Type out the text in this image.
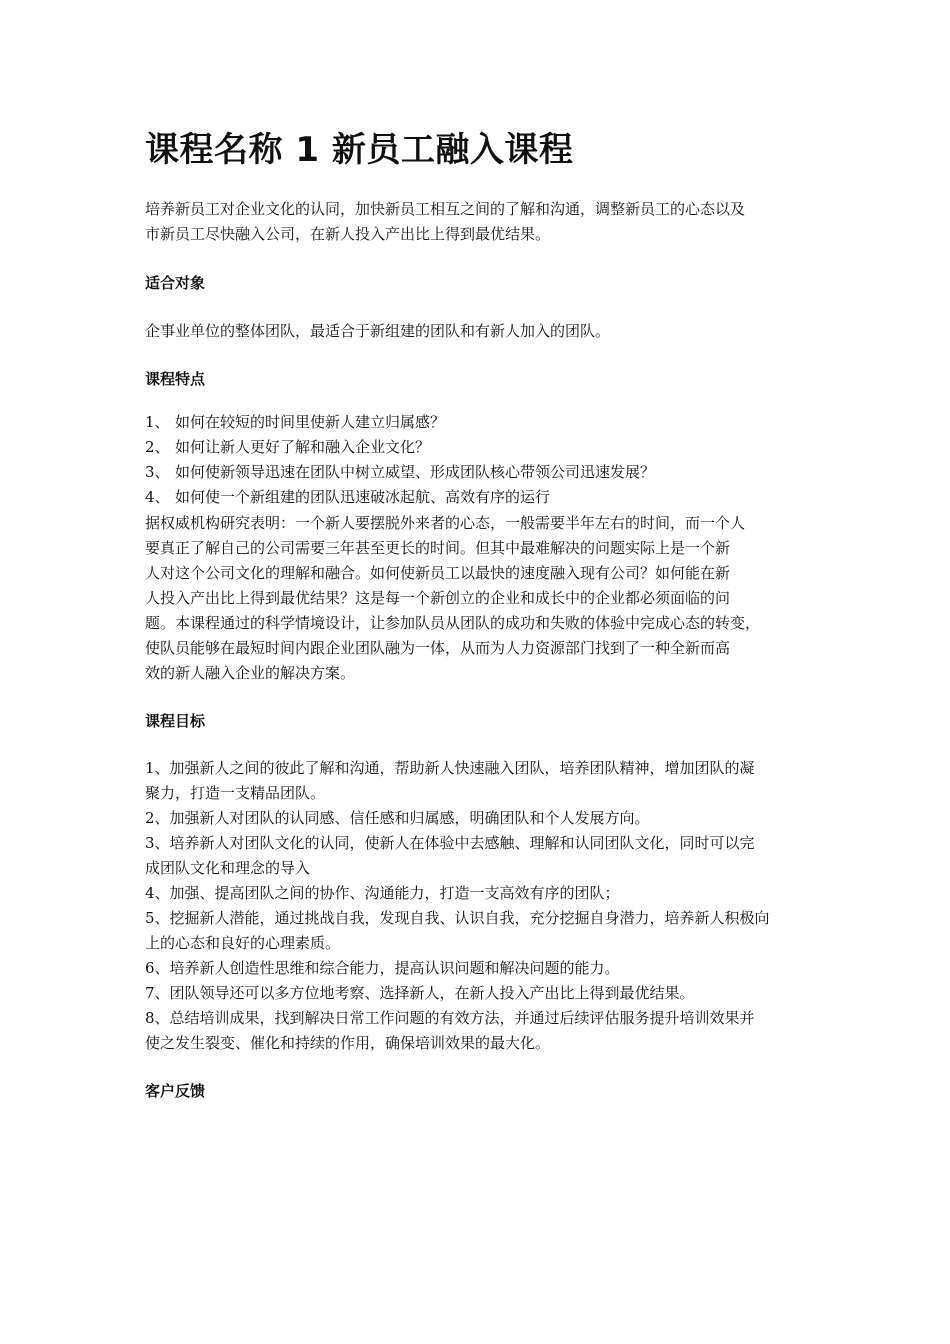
课程名称 1 新员工融入课程

培养新员工对企业文化的认同，加快新员工相互之间的了解和沟通，调整新员工的心态以及
市新员工尽快融入公司，在新人投入产出比上得到最优结果。

适合对象

企事业单位的整体团队，最适合于新组建的团队和有新人加入的团队。

课程特点
1、 如何在较短的时间里使新人建立归属感？
2、 如何让新人更好了解和融入企业文化？
3、 如何使新领导迅速在团队中树立威望、形成团队核心带领公司迅速发展？
4、 如何使一个新组建的团队迅速破冰起航、高效有序的运行

据权威机构研究表明：一个新人要摆脱外来者的心态，一般需要半年左右的时间，而一个人
要真正了解自己的公司需要三年甚至更长的时间。但其中最难解决的问题实际上是一个新
人对这个公司文化的理解和融合。如何使新员工以最快的速度融入现有公司？如何能在新
人投入产出比上得到最优结果？这是每一个新创立的企业和成长中的企业都必须面临的问
题。本课程通过的科学情境设计，让参加队员从团队的成功和失败的体验中完成心态的转变，
使队员能够在最短时间内跟企业团队融为一体，从而为人力资源部门找到了一种全新而高
效的新人融入企业的解决方案。

课程目标
1、加强新人之间的彼此了解和沟通，帮助新人快速融入团队，培养团队精神，增加团队的凝
聚力，打造一支精品团队。
2、加强新人对团队的认同感、信任感和归属感，明确团队和个人发展方向。
3、培养新人对团队文化的认同，使新人在体验中去感触、理解和认同团队文化，同时可以完
成团队文化和理念的导入
4、加强、提高团队之间的协作、沟通能力，打造一支高效有序的团队；
5、挖掘新人潜能，通过挑战自我，发现自我、认识自我，充分挖掘自身潜力，培养新人积极向
上的心态和良好的心理素质。
6、培养新人创造性思维和综合能力，提高认识问题和解决问题的能力。
7、团队领导还可以多方位地考察、选择新人，在新人投入产出比上得到最优结果。
8、总结培训成果，找到解决日常工作问题的有效方法，并通过后续评估服务提升培训效果并
使之发生裂变、催化和持续的作用，确保培训效果的最大化。
客户反馈
